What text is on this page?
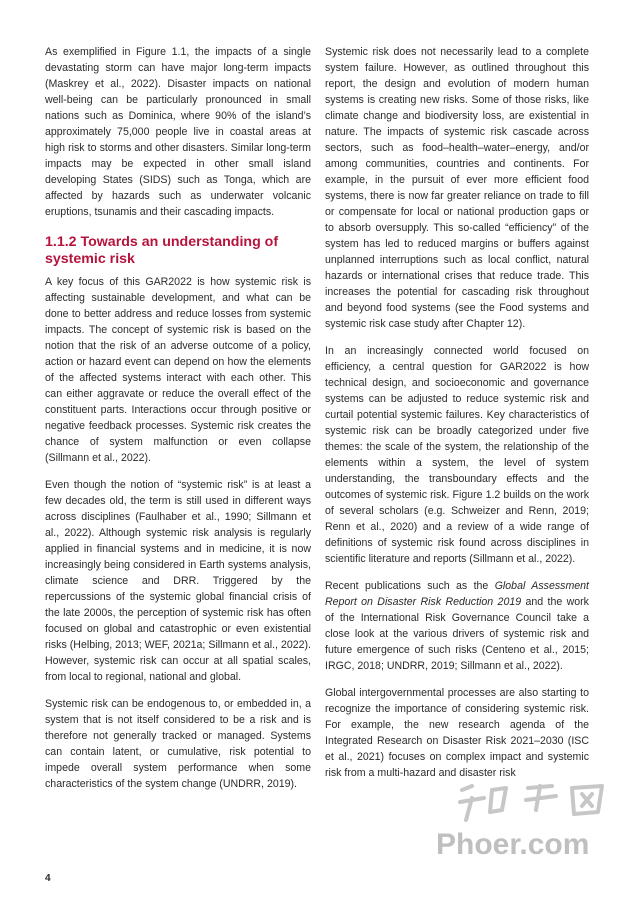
As exemplified in Figure 1.1, the impacts of a single devastating storm can have major long-term impacts (Maskrey et al., 2022). Disaster impacts on national well-being can be particularly pronounced in small nations such as Dominica, where 90% of the island’s approximately 75,000 people live in coastal areas at high risk to storms and other disasters. Similar long-term impacts may be expected in other small island developing States (SIDS) such as Tonga, which are affected by hazards such as underwater volcanic eruptions, tsunamis and their cascading impacts.

1.1.2 Towards an understanding of systemic risk

A key focus of this GAR2022 is how systemic risk is affecting sustainable development, and what can be done to better address and reduce losses from systemic impacts. The concept of systemic risk is based on the notion that the risk of an adverse outcome of a policy, action or hazard event can depend on how the elements of the affected systems interact with each other. This can either aggravate or reduce the overall effect of the constituent parts. Interactions occur through positive or negative feedback processes. Systemic risk creates the chance of system malfunction or even collapse (Sillmann et al., 2022).

Even though the notion of “systemic risk” is at least a few decades old, the term is still used in different ways across disciplines (Faulhaber et al., 1990; Sillmann et al., 2022). Although systemic risk analysis is regularly applied in financial systems and in medicine, it is now increasingly being considered in Earth systems analysis, climate science and DRR. Triggered by the repercussions of the systemic global financial crisis of the late 2000s, the perception of systemic risk has often focused on global and catastrophic or even existential risks (Helbing, 2013; WEF, 2021a; Sillmann et al., 2022). However, systemic risk can occur at all spatial scales, from local to regional, national and global.

Systemic risk can be endogenous to, or embedded in, a system that is not itself considered to be a risk and is therefore not generally tracked or managed. Systems can contain latent, or cumulative, risk potential to impede overall system performance when some characteristics of the system change (UNDRR, 2019).

Systemic risk does not necessarily lead to a complete system failure. However, as outlined throughout this report, the design and evolution of modern human systems is creating new risks. Some of those risks, like climate change and biodiversity loss, are existential in nature. The impacts of systemic risk cascade across sectors, such as food–health–water–energy, and/or among communities, countries and continents. For example, in the pursuit of ever more efficient food systems, there is now far greater reliance on trade to fill or compensate for local or national production gaps or to absorb oversupply. This so-called “efficiency” of the system has led to reduced margins or buffers against unplanned interruptions such as local conflict, natural hazards or international crises that reduce trade. This increases the potential for cascading risk throughout and beyond food systems (see the Food systems and systemic risk case study after Chapter 12).

In an increasingly connected world focused on efficiency, a central question for GAR2022 is how technical design, and socioeconomic and governance systems can be adjusted to reduce systemic risk and curtail potential systemic failures. Key characteristics of systemic risk can be broadly categorized under five themes: the scale of the system, the relationship of the elements within a system, the level of system understanding, the transboundary effects and the outcomes of systemic risk. Figure 1.2 builds on the work of several scholars (e.g. Schweizer and Renn, 2019; Renn et al., 2020) and a review of a wide range of definitions of systemic risk found across disciplines in scientific literature and reports (Sillmann et al., 2022).

Recent publications such as the Global Assessment Report on Disaster Risk Reduction 2019 and the work of the International Risk Governance Council take a close look at the various drivers of systemic risk and future emergence of such risks (Centeno et al., 2015; IRGC, 2018; UNDRR, 2019; Sillmann et al., 2022).

Global intergovernmental processes are also starting to recognize the importance of considering systemic risk. For example, the new research agenda of the Integrated Research on Disaster Risk 2021–2030 (ISC et al., 2021) focuses on complex impact and systemic risk from a multi-hazard and disaster risk

4
Phoer.com
